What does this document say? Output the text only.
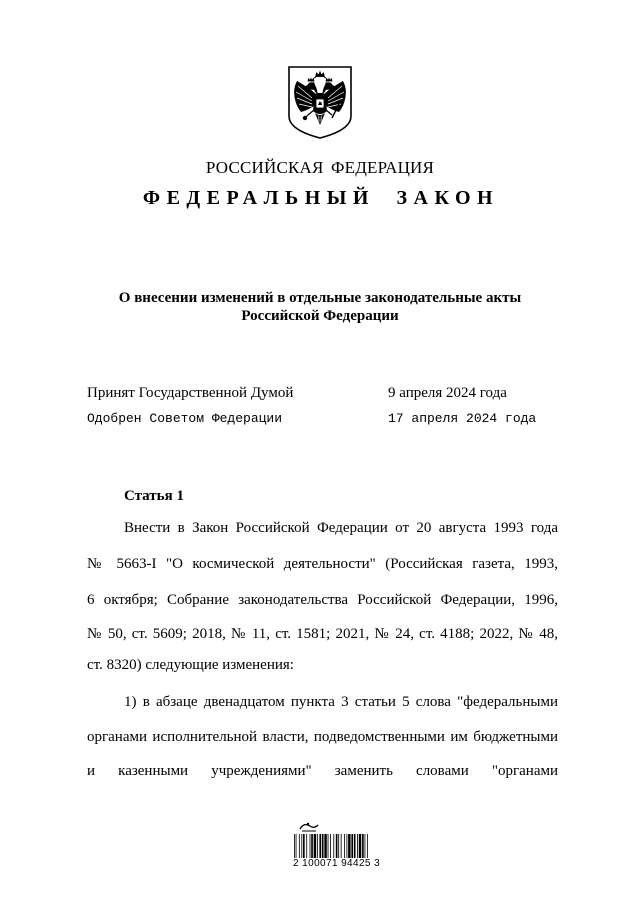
РОССИЙСКАЯ ФЕДЕРАЦИЯ
ФЕДЕРАЛЬНЫЙ ЗАКОН
О внесении изменений в отдельные законодательные акты
Российской Федерации
Принят Государственной Думой	9 апреля 2024 года
Одобрен Советом Федерации	17 апреля 2024 года
Статья 1
Внести в Закон Российской Федерации от 20 августа 1993 года
№ 5663-I "О космической деятельности" (Российская газета, 1993,
6 октября; Собрание законодательства Российской Федерации, 1996,
№ 50, ст. 5609; 2018, № 11, ст. 1581; 2021, № 24, ст. 4188; 2022, № 48,
ст. 8320) следующие изменения:
1) в абзаце двенадцатом пункта 3 статьи 5 слова "федеральными
органами исполнительной власти, подведомственными им бюджетными
и казенными учреждениями" заменить словами "органами
2 100071 94425 3
